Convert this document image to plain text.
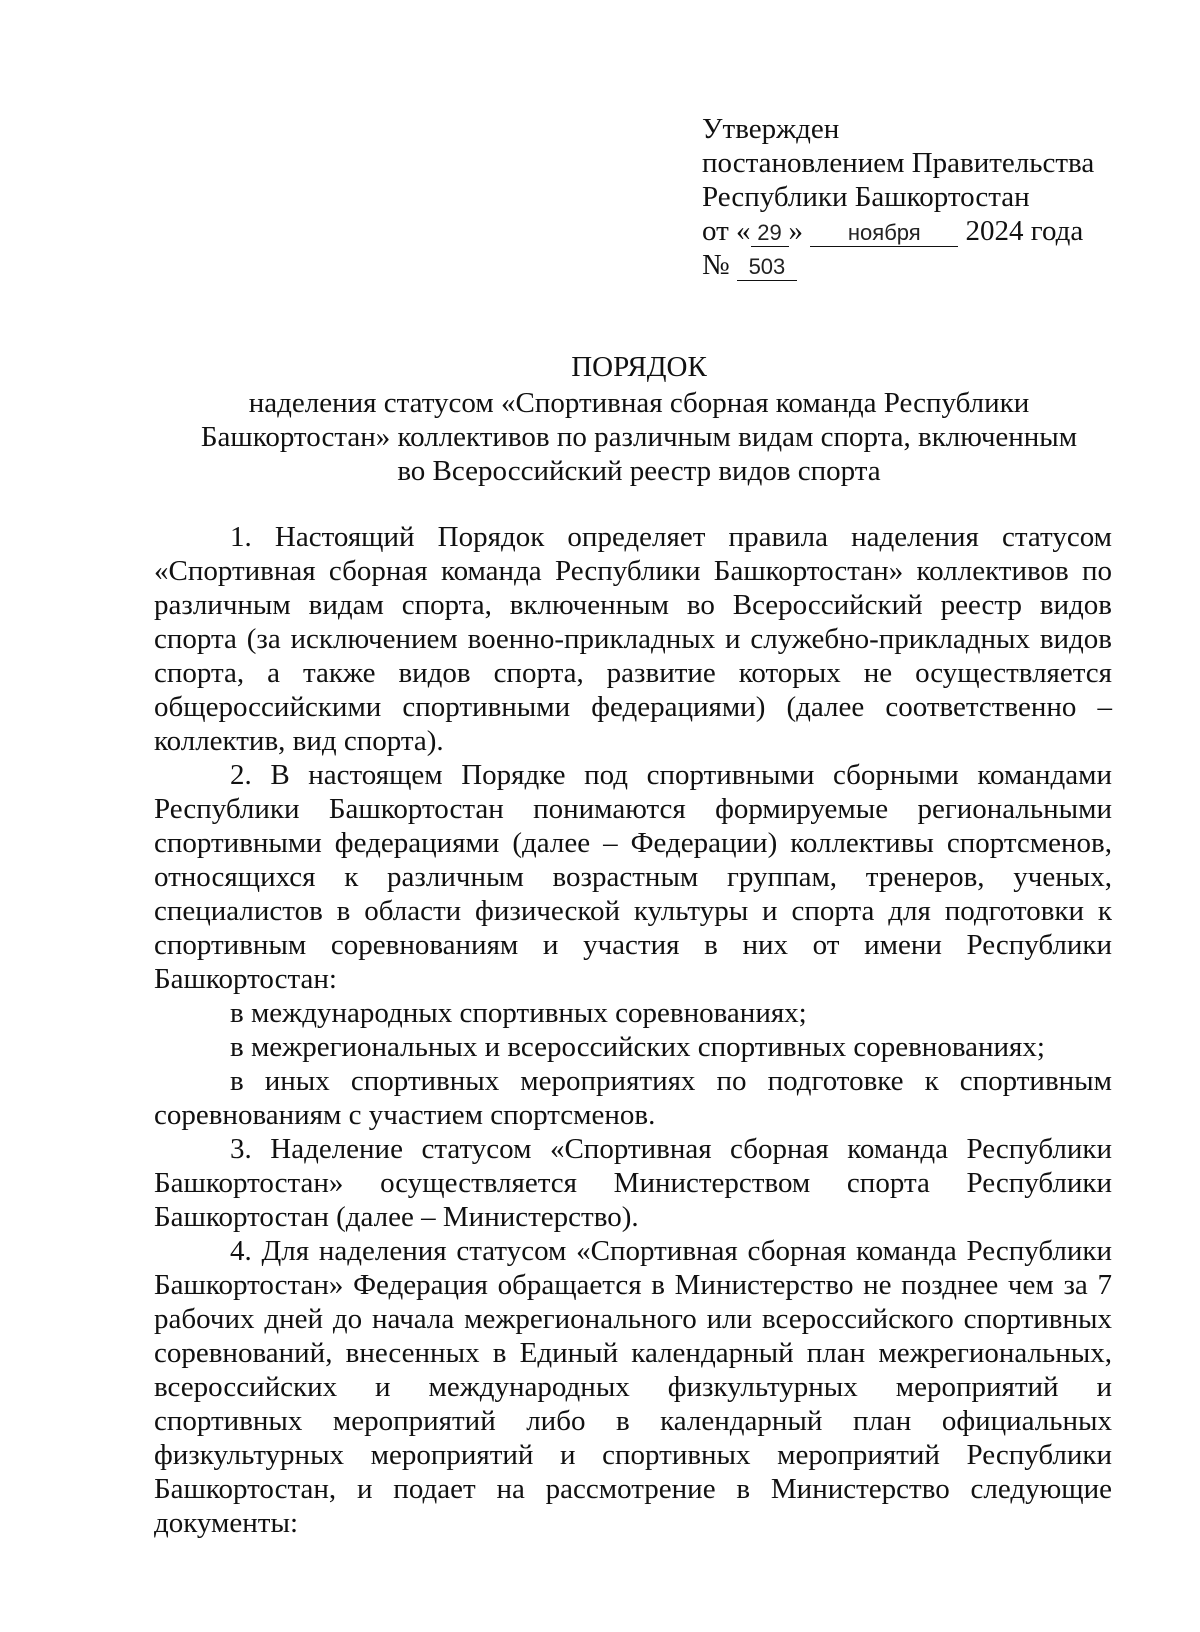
Утвержден
постановлением Правительства
Республики Башкортостан
от « 29 » ноября 2024 года
№ 503
ПОРЯДОК
наделения статусом «Спортивная сборная команда Республики
Башкортостан» коллективов по различным видам спорта, включенным
во Всероссийский реестр видов спорта

1. Настоящий Порядок определяет правила наделения статусом «Спортивная сборная команда Республики Башкортостан» коллективов по различным видам спорта, включенным во Всероссийский реестр видов спорта (за исключением военно-прикладных и служебно-прикладных видов спорта, а также видов спорта, развитие которых не осуществляется общероссийскими спортивными федерациями) (далее соответственно – коллектив, вид спорта).

2. В настоящем Порядке под спортивными сборными командами Республики Башкортостан понимаются формируемые региональными спортивными федерациями (далее – Федерации) коллективы спортсменов, относящихся к различным возрастным группам, тренеров, ученых, специалистов в области физической культуры и спорта для подготовки к спортивным соревнованиям и участия в них от имени Республики Башкортостан:

в международных спортивных соревнованиях;

в межрегиональных и всероссийских спортивных соревнованиях;

в иных спортивных мероприятиях по подготовке к спортивным соревнованиям с участием спортсменов.

3. Наделение статусом «Спортивная сборная команда Республики Башкортостан» осуществляется Министерством спорта Республики Башкортостан (далее – Министерство).

4. Для наделения статусом «Спортивная сборная команда Республики Башкортостан» Федерация обращается в Министерство не позднее чем за 7 рабочих дней до начала межрегионального или всероссийского спортивных соревнований, внесенных в Единый календарный план межрегиональных, всероссийских и международных физкультурных мероприятий и спортивных мероприятий либо в календарный план официальных физкультурных мероприятий и спортивных мероприятий Республики Башкортостан, и подает на рассмотрение в Министерство следующие документы:
